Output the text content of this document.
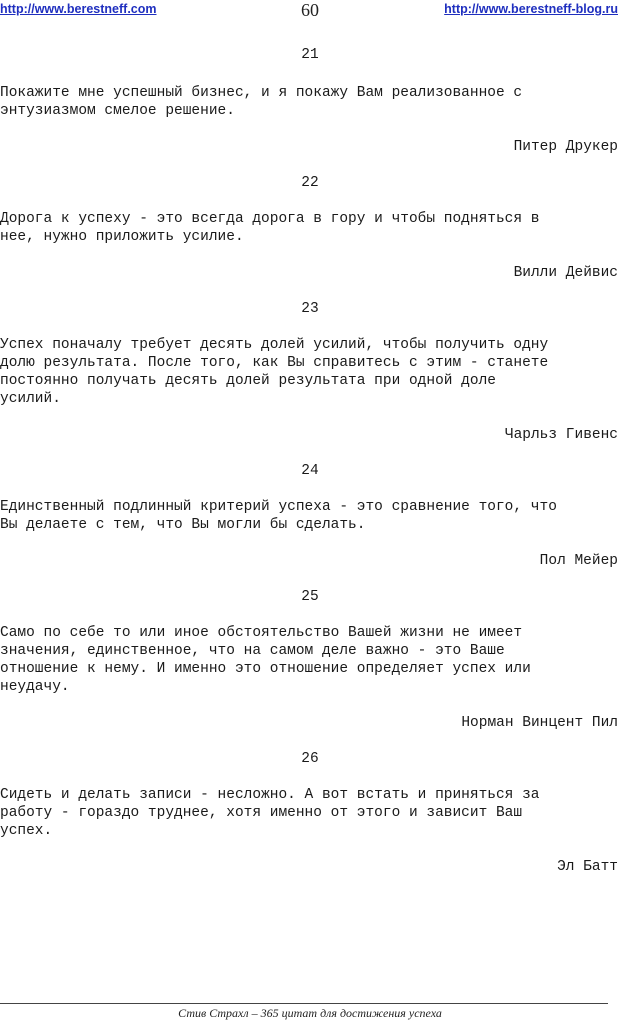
http://www.berestneff.com	60	http://www.berestneff-blog.ru
21
Покажите мне успешный бизнес, и я покажу Вам реализованное с
энтузиазмом смелое решение.
Питер Друкер
22
Дорога к успеху - это всегда дорога в гору и чтобы подняться в
нее, нужно приложить усилие.
Вилли Дейвис
23
Успех поначалу требует десять долей усилий, чтобы получить одну
долю результата. После того, как Вы справитесь с этим - станете
постоянно получать десять долей результата при одной доле
усилий.
Чарльз Гивенс
24
Единственный подлинный критерий успеха - это сравнение того, что
Вы делаете с тем, что Вы могли бы сделать.
Пол Мейер
25
Само по себе то или иное обстоятельство Вашей жизни не имеет
значения, единственное, что на самом деле важно - это Ваше
отношение к нему. И именно это отношение определяет успех или
неудачу.
Норман Винцент Пил
26
Сидеть и делать записи - несложно. А вот встать и приняться за
работу - гораздо труднее, хотя именно от этого и зависит Ваш
успех.
Эл Батт
Стив Страхл – 365 цитат для достижения успеха
